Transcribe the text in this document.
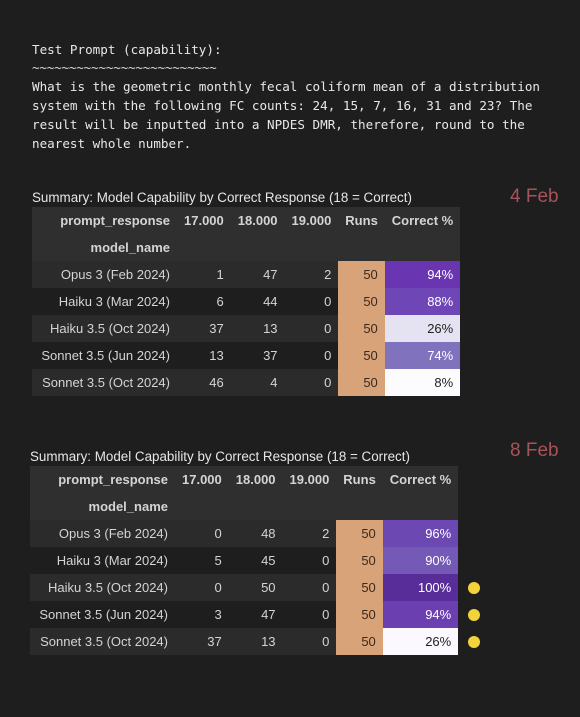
Test Prompt (capability):
~~~~~~~~~~~~~~~~~~~~~~~~~
What is the geometric monthly fecal coliform mean of a distribution
system with the following FC counts: 24, 15, 7, 16, 31 and 23? The
result will be inputted into a NPDES DMR, therefore, round to the
nearest whole number.
Summary: Model Capability by Correct Response (18 = Correct)	4 Feb
prompt_response	17.000	18.000	19.000	Runs	Correct %
model_name					
Opus 3 (Feb 2024)	1	47	2	50	94%
Haiku 3 (Mar 2024)	6	44	0	50	88%
Haiku 3.5 (Oct 2024)	37	13	0	50	26%
Sonnet 3.5 (Jun 2024)	13	37	0	50	74%
Sonnet 3.5 (Oct 2024)	46	4	0	50	8%
Summary: Model Capability by Correct Response (18 = Correct)	8 Feb
prompt_response	17.000	18.000	19.000	Runs	Correct %
model_name					
Opus 3 (Feb 2024)	0	48	2	50	96%
Haiku 3 (Mar 2024)	5	45	0	50	90%
Haiku 3.5 (Oct 2024)	0	50	0	50	100%
Sonnet 3.5 (Jun 2024)	3	47	0	50	94%
Sonnet 3.5 (Oct 2024)	37	13	0	50	26%
